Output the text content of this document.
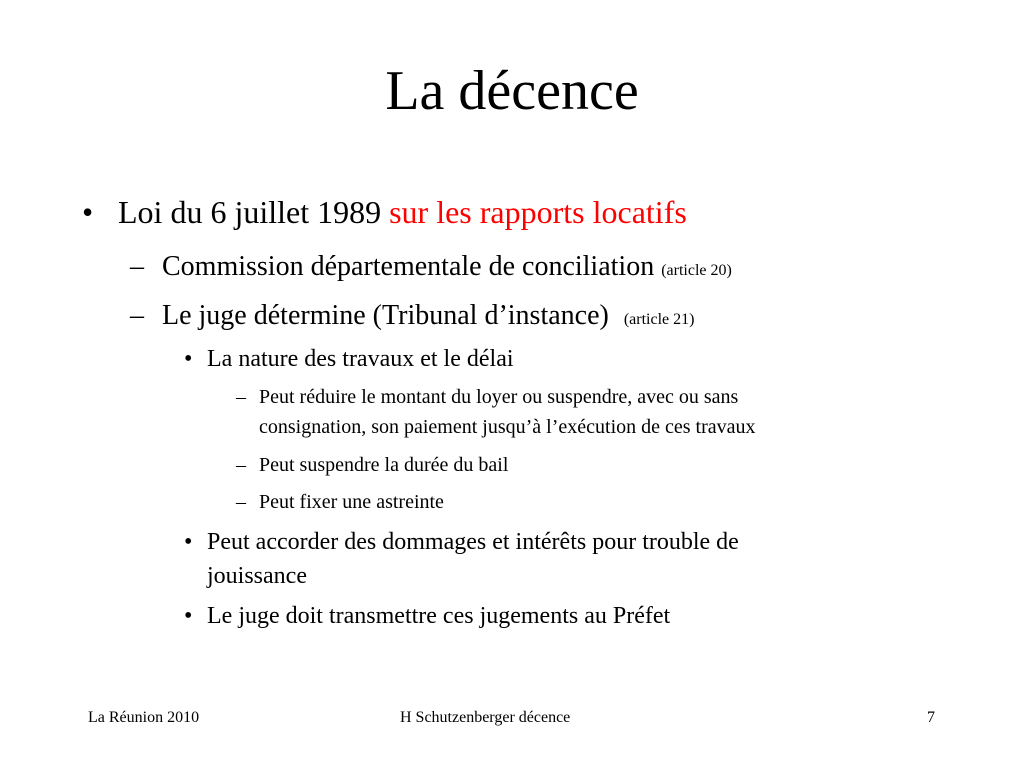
La décence
• Loi du 6 juillet 1989 sur les rapports locatifs
– Commission départementale de conciliation (article 20)
– Le juge détermine (Tribunal d’instance) (article 21)
• La nature des travaux et le délai
– Peut réduire le montant du loyer ou suspendre, avec ou sans
consignation, son paiement jusqu’à l’exécution de ces travaux
– Peut suspendre la durée du bail
– Peut fixer une astreinte
• Peut accorder des dommages et intérêts pour trouble de
jouissance
• Le juge doit transmettre ces jugements au Préfet
La Réunion 2010	H Schutzenberger décence	7
